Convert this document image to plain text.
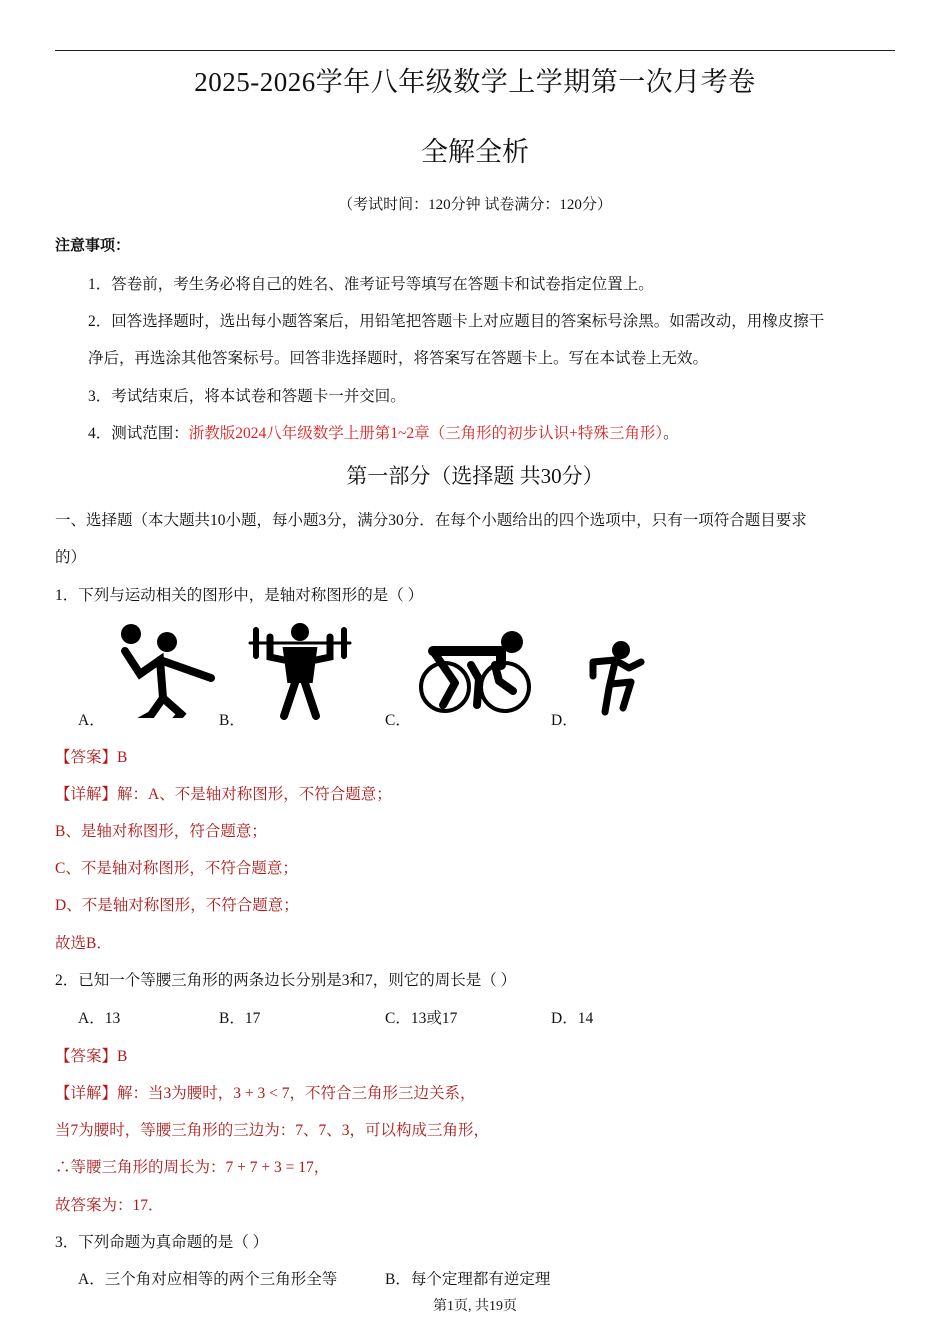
2025-2026学年八年级数学上学期第一次月考卷
全解全析
（考试时间：120分钟 试卷满分：120分）
注意事项：
1．答卷前，考生务必将自己的姓名、准考证号等填写在答题卡和试卷指定位置上。
2．回答选择题时，选出每小题答案后，用铅笔把答题卡上对应题目的答案标号涂黑。如需改动，用橡皮擦干
净后，再选涂其他答案标号。回答非选择题时，将答案写在答题卡上。写在本试卷上无效。
3．考试结束后，将本试卷和答题卡一并交回。
4．测试范围：浙教版2024八年级数学上册第1~2章（三角形的初步认识+特殊三角形）。
第一部分（选择题 共30分）
一、选择题（本大题共10小题，每小题3分，满分30分．在每个小题给出的四个选项中，只有一项符合题目要求
的）
1．下列与运动相关的图形中，是轴对称图形的是（ ）
A．	B．	C．	D．
【答案】B
【详解】解：A、不是轴对称图形，不符合题意；
B、是轴对称图形，符合题意；
C、不是轴对称图形，不符合题意；
D、不是轴对称图形，不符合题意；
故选B．
2．已知一个等腰三角形的两条边长分别是3和7，则它的周长是（ ）
A．13	B．17	C．13或17	D．14
【答案】B
【详解】解：当3为腰时，3 + 3 < 7，不符合三角形三边关系，
当7为腰时，等腰三角形的三边为：7、7、3，可以构成三角形，
∴等腰三角形的周长为：7 + 7 + 3 = 17，
故答案为：17．
3．下列命题为真命题的是（ ）
A．三个角对应相等的两个三角形全等	B．每个定理都有逆定理
第1页, 共19页
